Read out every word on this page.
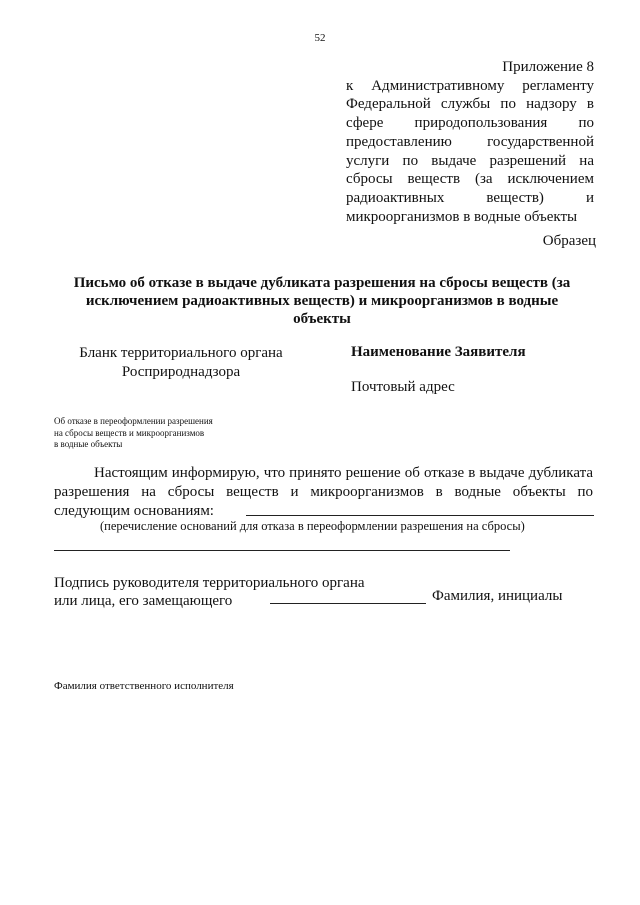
52
Приложение 8
к Административному регламенту Федеральной службы по надзору в сфере природопользования по предоставлению государственной услуги по выдаче разрешений на сбросы веществ (за исключением радиоактивных веществ) и микроорганизмов в водные объекты
Образец
Письмо об отказе в выдаче дубликата разрешения на сбросы веществ (за исключением радиоактивных веществ) и микроорганизмов в водные объекты
Бланк территориального органа
Росприроднадзора
Наименование Заявителя
Почтовый адрес
Об отказе в переоформлении разрешения
на сбросы веществ и микроорганизмов
в водные объекты
Настоящим информирую, что принято решение об отказе в выдаче дубликата разрешения на сбросы веществ и микроорганизмов в водные объекты по следующим основаниям:
(перечисление оснований для отказа в переоформлении разрешения на сбросы)
Подпись руководителя территориального органа
или лица, его замещающего	Фамилия, инициалы
Фамилия ответственного исполнителя
